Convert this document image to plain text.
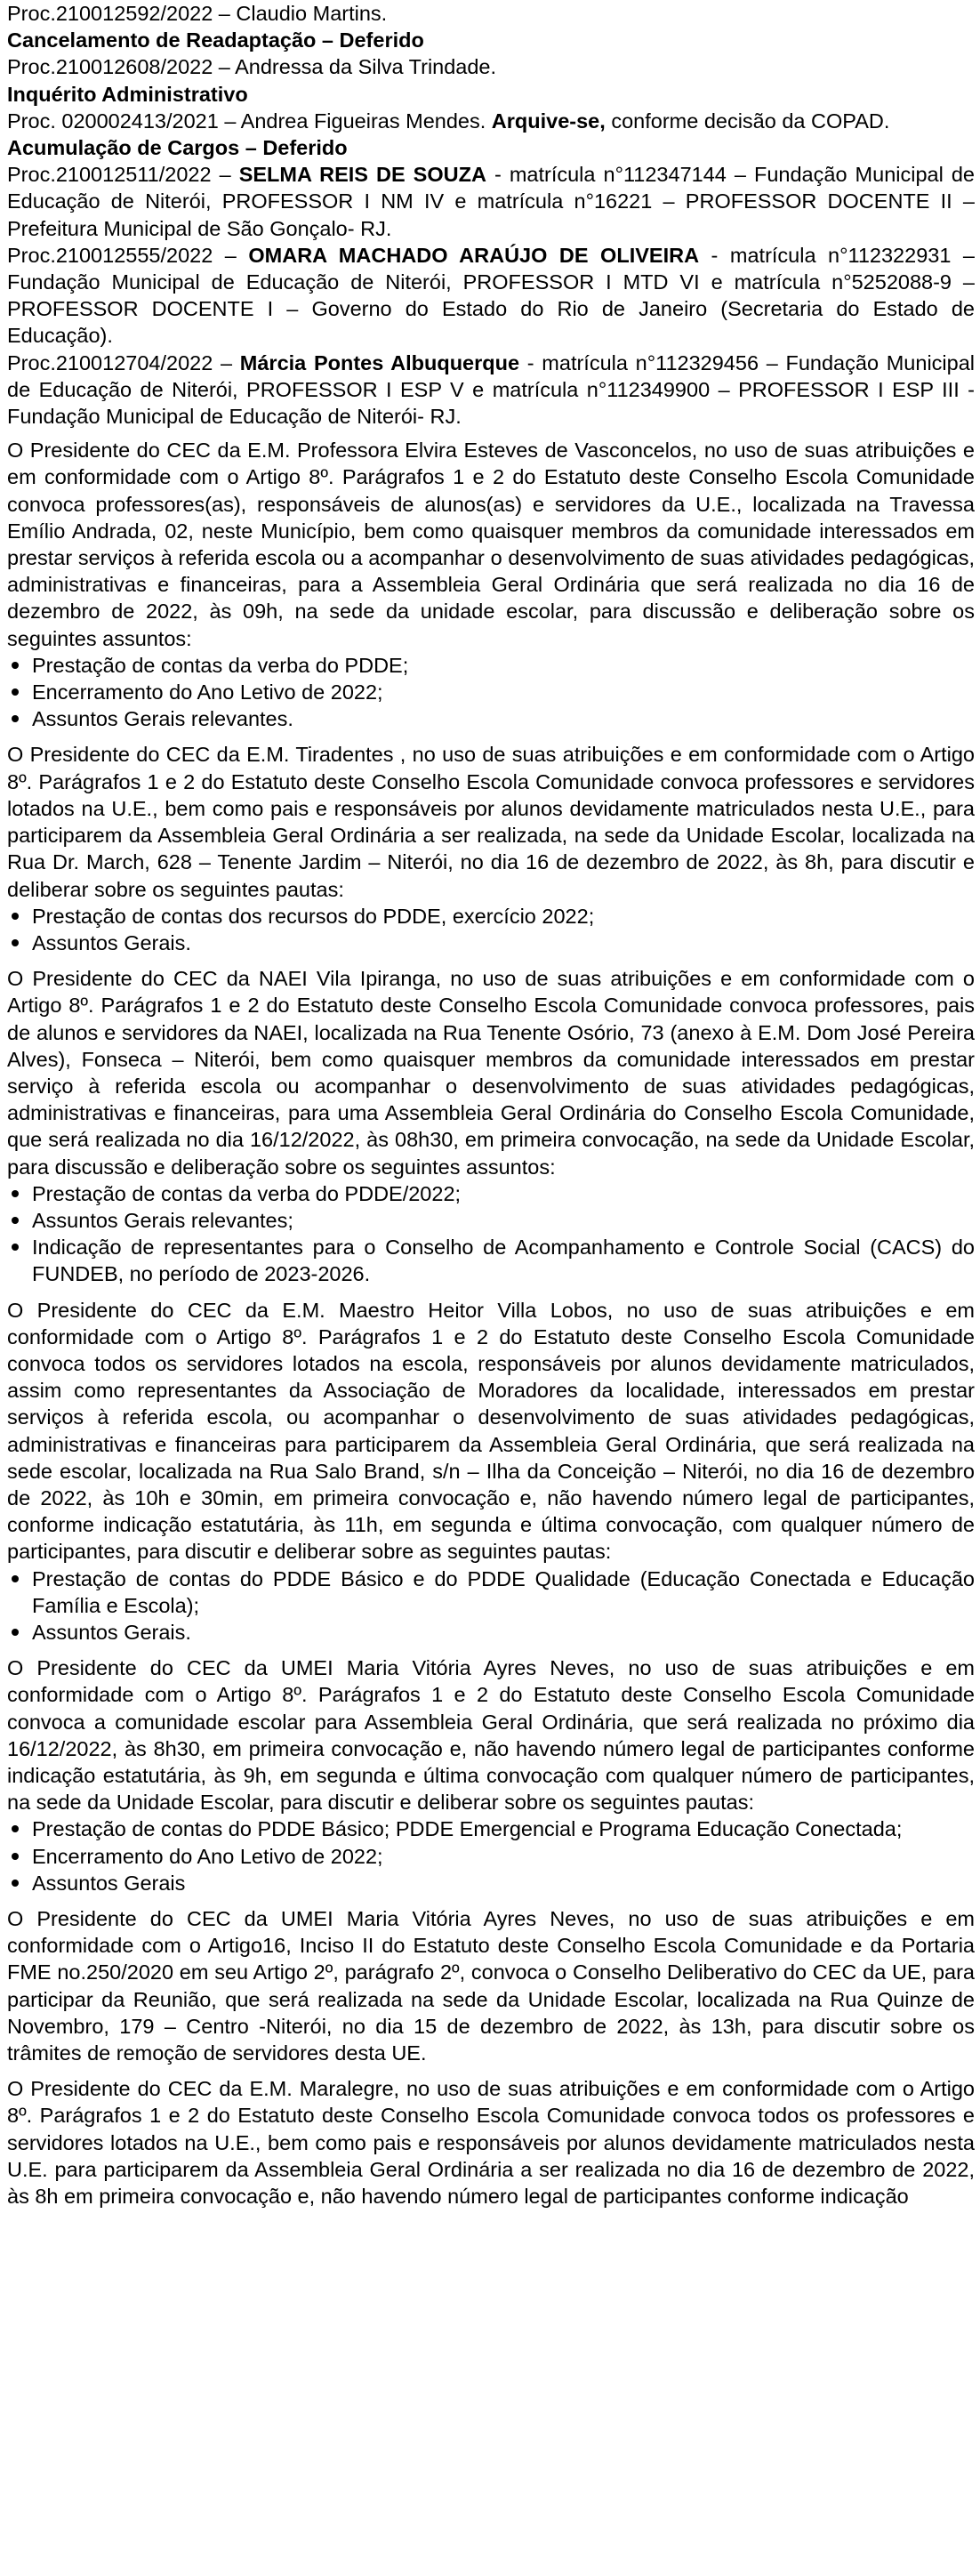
Proc.210012592/2022 – Claudio Martins.

Cancelamento de Readaptação – Deferido

Proc.210012608/2022 – Andressa da Silva Trindade.

Inquérito Administrativo

Proc. 020002413/2021 – Andrea Figueiras Mendes. Arquive-se, conforme decisão da COPAD.

Acumulação de Cargos – Deferido

Proc.210012511/2022 – SELMA REIS DE SOUZA - matrícula n°112347144 – Fundação Municipal de Educação de Niterói, PROFESSOR I NM IV e matrícula n°16221 – PROFESSOR DOCENTE II – Prefeitura Municipal de São Gonçalo- RJ.

Proc.210012555/2022 – OMARA MACHADO ARAÚJO DE OLIVEIRA - matrícula n°112322931 – Fundação Municipal de Educação de Niterói, PROFESSOR I MTD VI e matrícula n°5252088-9 – PROFESSOR DOCENTE I – Governo do Estado do Rio de Janeiro (Secretaria do Estado de Educação).

Proc.210012704/2022 – Márcia Pontes Albuquerque - matrícula n°112329456 – Fundação Municipal de Educação de Niterói, PROFESSOR I ESP V e matrícula n°112349900 – PROFESSOR I ESP III - Fundação Municipal de Educação de Niterói- RJ.

O Presidente do CEC da E.M. Professora Elvira Esteves de Vasconcelos, no uso de suas atribuições e em conformidade com o Artigo 8º. Parágrafos 1 e 2 do Estatuto deste Conselho Escola Comunidade convoca professores(as), responsáveis de alunos(as) e servidores da U.E., localizada na Travessa Emílio Andrada, 02, neste Município, bem como quaisquer membros da comunidade interessados em prestar serviços à referida escola ou a acompanhar o desenvolvimento de suas atividades pedagógicas, administrativas e financeiras, para a Assembleia Geral Ordinária que será realizada no dia 16 de dezembro de 2022, às 09h, na sede da unidade escolar, para discussão e deliberação sobre os seguintes assuntos:

Prestação de contas da verba do PDDE;
Encerramento do Ano Letivo de 2022;
Assuntos Gerais relevantes.

O Presidente do CEC da E.M. Tiradentes , no uso de suas atribuições e em conformidade com o Artigo 8º. Parágrafos 1 e 2 do Estatuto deste Conselho Escola Comunidade convoca professores e servidores lotados na U.E., bem como pais e responsáveis por alunos devidamente matriculados nesta U.E., para participarem da Assembleia Geral Ordinária a ser realizada, na sede da Unidade Escolar, localizada na Rua Dr. March, 628 – Tenente Jardim – Niterói, no dia 16 de dezembro de 2022, às 8h, para discutir e deliberar sobre os seguintes pautas:

Prestação de contas dos recursos do PDDE, exercício 2022;
Assuntos Gerais.

O Presidente do CEC da NAEI Vila Ipiranga, no uso de suas atribuições e em conformidade com o Artigo 8º. Parágrafos 1 e 2 do Estatuto deste Conselho Escola Comunidade convoca professores, pais de alunos e servidores da NAEI, localizada na Rua Tenente Osório, 73 (anexo à E.M. Dom José Pereira Alves), Fonseca – Niterói, bem como quaisquer membros da comunidade interessados em prestar serviço à referida escola ou acompanhar o desenvolvimento de suas atividades pedagógicas, administrativas e financeiras, para uma Assembleia Geral Ordinária do Conselho Escola Comunidade, que será realizada no dia 16/12/2022, às 08h30, em primeira convocação, na sede da Unidade Escolar, para discussão e deliberação sobre os seguintes assuntos:

Prestação de contas da verba do PDDE/2022;
Assuntos Gerais relevantes;
Indicação de representantes para o Conselho de Acompanhamento e Controle Social (CACS) do FUNDEB, no período de 2023-2026.

O Presidente do CEC da E.M. Maestro Heitor Villa Lobos, no uso de suas atribuições e em conformidade com o Artigo 8º. Parágrafos 1 e 2 do Estatuto deste Conselho Escola Comunidade convoca todos os servidores lotados na escola, responsáveis por alunos devidamente matriculados, assim como representantes da Associação de Moradores da localidade, interessados em prestar serviços à referida escola, ou acompanhar o desenvolvimento de suas atividades pedagógicas, administrativas e financeiras para participarem da Assembleia Geral Ordinária, que será realizada na sede escolar, localizada na Rua Salo Brand, s/n – Ilha da Conceição – Niterói, no dia 16 de dezembro de 2022, às 10h e 30min, em primeira convocação e, não havendo número legal de participantes, conforme indicação estatutária, às 11h, em segunda e última convocação, com qualquer número de participantes, para discutir e deliberar sobre as seguintes pautas:

Prestação de contas do PDDE Básico e do PDDE Qualidade (Educação Conectada e Educação Família e Escola);
Assuntos Gerais.

O Presidente do CEC da UMEI Maria Vitória Ayres Neves, no uso de suas atribuições e em conformidade com o Artigo 8º. Parágrafos 1 e 2 do Estatuto deste Conselho Escola Comunidade convoca a comunidade escolar para Assembleia Geral Ordinária, que será realizada no próximo dia 16/12/2022, às 8h30, em primeira convocação e, não havendo número legal de participantes conforme indicação estatutária, às 9h, em segunda e última convocação com qualquer número de participantes, na sede da Unidade Escolar, para discutir e deliberar sobre os seguintes pautas:

Prestação de contas do PDDE Básico; PDDE Emergencial e Programa Educação Conectada;
Encerramento do Ano Letivo de 2022;
Assuntos Gerais

O Presidente do CEC da UMEI Maria Vitória Ayres Neves, no uso de suas atribuições e em conformidade com o Artigo16, Inciso II do Estatuto deste Conselho Escola Comunidade e da Portaria FME no.250/2020 em seu Artigo 2º, parágrafo 2º, convoca o Conselho Deliberativo do CEC da UE, para participar da Reunião, que será realizada na sede da Unidade Escolar, localizada na Rua Quinze de Novembro, 179 – Centro -Niterói, no dia 15 de dezembro de 2022, às 13h, para discutir sobre os trâmites de remoção de servidores desta UE.

O Presidente do CEC da E.M. Maralegre, no uso de suas atribuições e em conformidade com o Artigo 8º. Parágrafos 1 e 2 do Estatuto deste Conselho Escola Comunidade convoca todos os professores e servidores lotados na U.E., bem como pais e responsáveis por alunos devidamente matriculados nesta U.E. para participarem da Assembleia Geral Ordinária a ser realizada no dia 16 de dezembro de 2022, às 8h em primeira convocação e, não havendo número legal de participantes conforme indicação
